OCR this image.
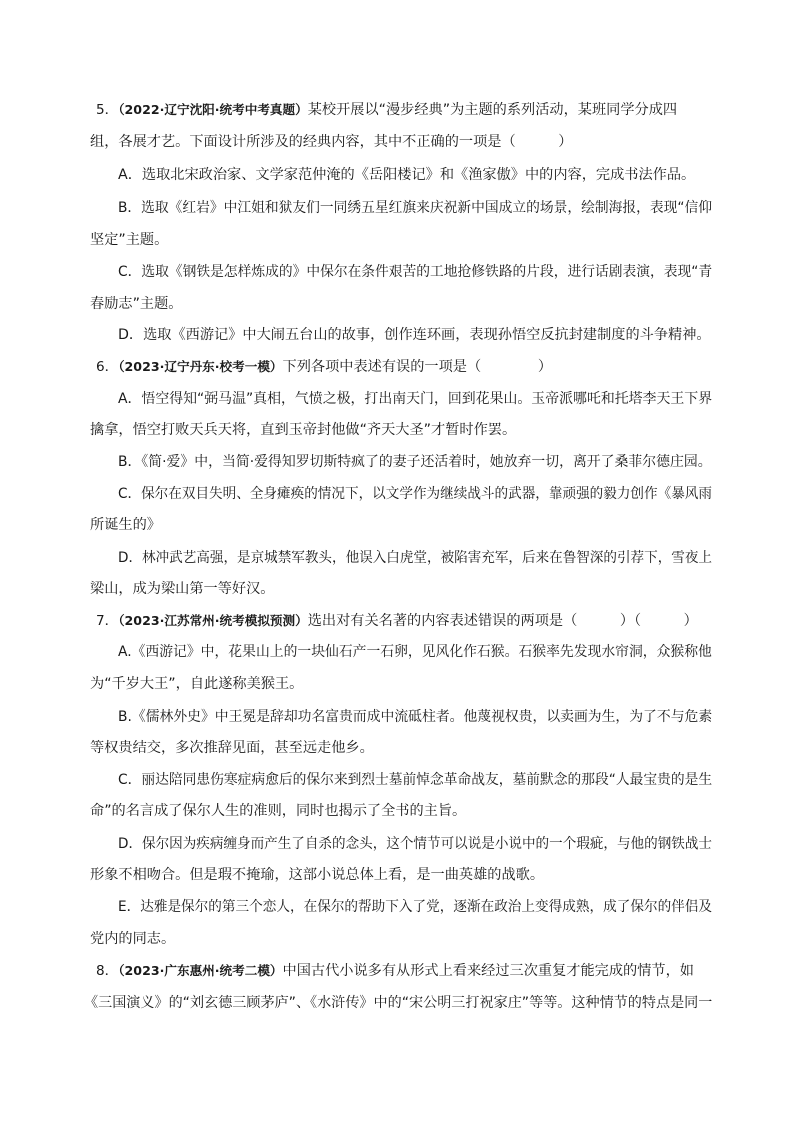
5．（2022·辽宁沈阳·统考中考真题）某校开展以“漫步经典”为主题的系列活动，某班同学分成四
组，各展才艺。下面设计所涉及的经典内容，其中不正确的一项是（　　　）
A．选取北宋政治家、文学家范仲淹的《岳阳楼记》和《渔家傲》中的内容，完成书法作品。
B．选取《红岩》中江姐和狱友们一同绣五星红旗来庆祝新中国成立的场景，绘制海报，表现“信仰
坚定”主题。
C．选取《钢铁是怎样炼成的》中保尔在条件艰苦的工地抢修铁路的片段，进行话剧表演，表现“青
春励志”主题。
D．选取《西游记》中大闹五台山的故事，创作连环画，表现孙悟空反抗封建制度的斗争精神。
6．（2023·辽宁丹东·校考一模）下列各项中表述有误的一项是（　　　　）
A．悟空得知“弼马温”真相，气愤之极，打出南天门，回到花果山。玉帝派哪吒和托塔李天王下界
擒拿，悟空打败天兵天将，直到玉帝封他做“齐天大圣”才暂时作罢。
B．《简·爱》中，当简·爱得知罗切斯特疯了的妻子还活着时，她放弃一切，离开了桑菲尔德庄园。
C．保尔在双目失明、全身瘫痪的情况下，以文学作为继续战斗的武器，靠顽强的毅力创作《暴风雨
所诞生的》
D．林冲武艺高强，是京城禁军教头，他误入白虎堂，被陷害充军，后来在鲁智深的引荐下，雪夜上
梁山，成为梁山第一等好汉。
7．（2023·江苏常州·统考模拟预测）选出对有关名著的内容表述错误的两项是（　　　）（　　　）
A.《西游记》中，花果山上的一块仙石产一石卵，见风化作石猴。石猴率先发现水帘洞，众猴称他
为“千岁大王”，自此遂称美猴王。
B.《儒林外史》中王冕是辞却功名富贵而成中流砥柱者。他蔑视权贵，以卖画为生，为了不与危素
等权贵结交，多次推辞见面，甚至远走他乡。
C．丽达陪同患伤寒症病愈后的保尔来到烈士墓前悼念革命战友，墓前默念的那段“人最宝贵的是生
命”的名言成了保尔人生的准则，同时也揭示了全书的主旨。
D．保尔因为疾病缠身而产生了自杀的念头，这个情节可以说是小说中的一个瑕疵，与他的钢铁战士
形象不相吻合。但是瑕不掩瑜，这部小说总体上看，是一曲英雄的战歌。
E．达雅是保尔的第三个恋人，在保尔的帮助下入了党，逐渐在政治上变得成熟，成了保尔的伴侣及
党内的同志。
8．（2023·广东惠州·统考二模）中国古代小说多有从形式上看来经过三次重复才能完成的情节，如
《三国演义》的“刘玄德三顾茅庐”、《水浒传》中的“宋公明三打祝家庄”等等。这种情节的特点是同一
